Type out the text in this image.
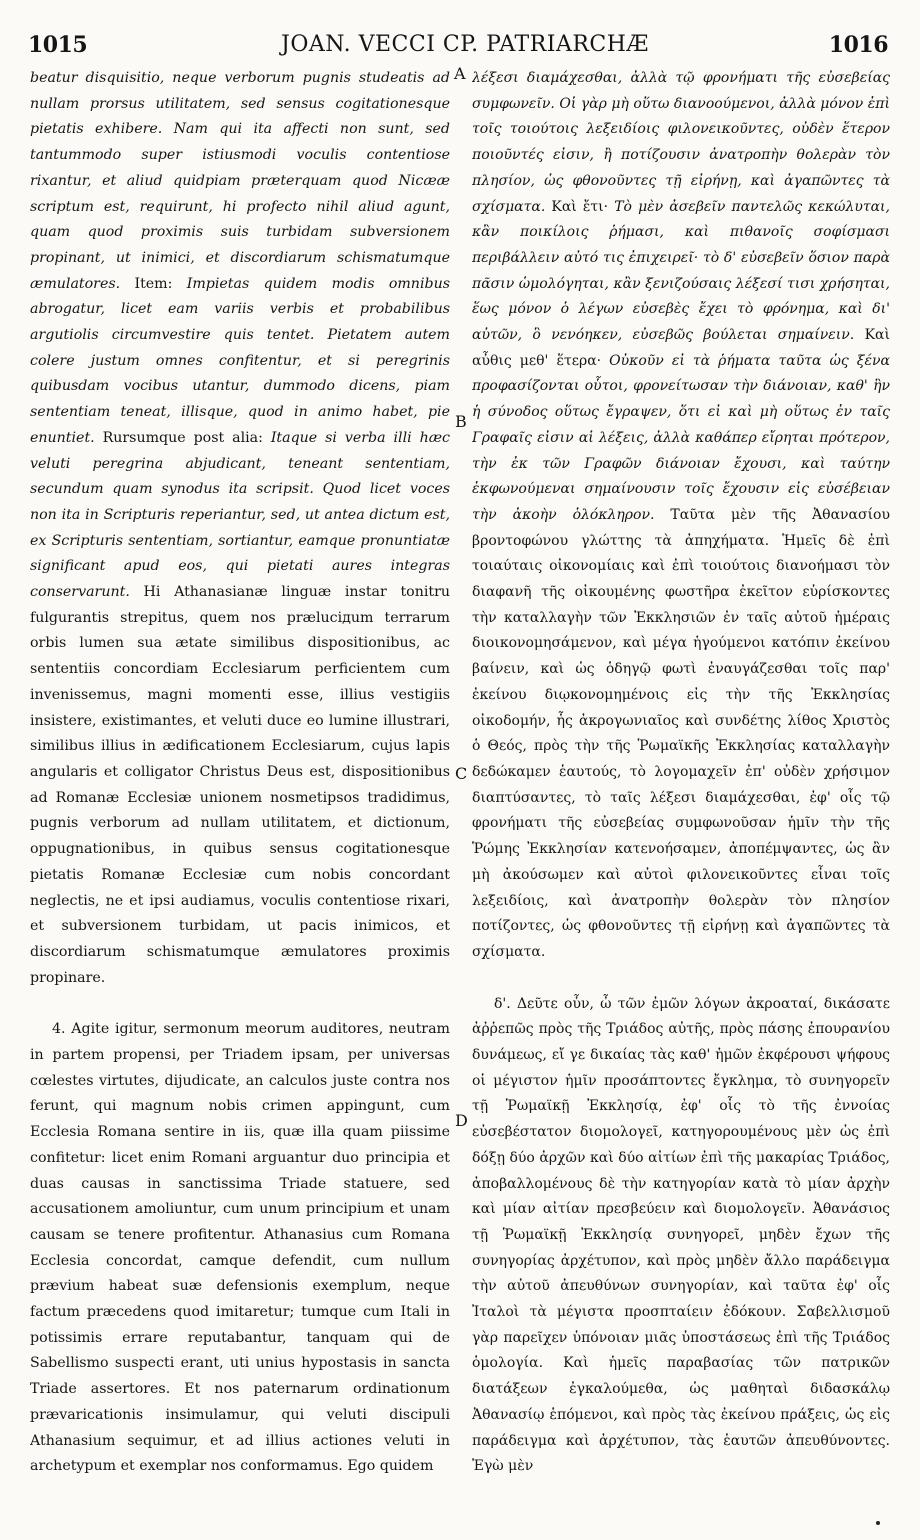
1015	JOAN. VECCI CP. PATRIARCHÆ	1016
A
B
C
D

beatur disquisitio, neque verborum pugnis studeatis ad nullam prorsus utilitatem, sed sensus cogitationesque pietatis exhibere. Nam qui ita affecti non sunt, sed tantummodo super istiusmodi voculis contentiose rixantur, et aliud quidpiam præterquam quod Nicææ scriptum est, requirunt, hi profecto nihil aliud agunt, quam quod proximis suis turbidam subversionem propinant, ut inimici, et discordiarum schismatumque æmulatores. Item: Impietas quidem modis omnibus abrogatur, licet eam variis verbis et probabilibus argutiolis circumvestire quis tentet. Pietatem autem colere justum omnes confitentur, et si peregrinis quibusdam vocibus utantur, dummodo dicens, piam sententiam teneat, illisque, quod in animo habet, pie enuntiet. Rursumque post alia: Itaque si verba illi hæc veluti peregrina abjudicant, teneant sententiam, secundum quam synodus ita scripsit. Quod licet voces non ita in Scripturis reperiantur, sed, ut antea dictum est, ex Scripturis sententiam, sortiantur, eamque pronuntiatæ significant apud eos, qui pietati aures integras conservarunt. Hi Athanasianæ linguæ instar tonitru fulgurantis strepitus, quem nos præluciдum terrarum orbis lumen sua ætate similibus dispositionibus, ac sententiis concordiam Ecclesiarum perficientem cum invenissemus, magni momenti esse, illius vestigiis insistere, existimantes, et veluti duce eo lumine illustrari, similibus illius in ædificationem Ecclesiarum, cujus lapis angularis et colligator Christus Deus est, dispositionibus ad Romanæ Ecclesiæ unionem nosmetipsos tradidimus, pugnis verborum ad nullam utilitatem, et dictionum, oppugnationibus, in quibus sensus cogitationesque pietatis Romanæ Ecclesiæ cum nobis concordant neglectis, ne et ipsi audiamus, voculis contentiose rixari, et subversionem turbidam, ut pacis inimicos, et discordiarum schismatumque æmulatores proximis propinare.

4. Agite igitur, sermonum meorum auditores, neutram in partem propensi, per Triadem ipsam, per universas cœlestes virtutes, dijudicate, an calculos juste contra nos ferunt, qui magnum nobis crimen appingunt, cum Ecclesia Romana sentire in iis, quæ illa quam piissime confitetur: licet enim Romani arguantur duo principia et duas causas in sanctissima Triade statuere, sed accusationem amoliuntur, cum unum principium et unam causam se tenere profitentur. Athanasius cum Romana Ecclesia concordat, camque defendit, cum nullum prævium habeat suæ defensionis exemplum, neque factum præcedens quod imitaretur; tumque cum Itali in potissimis errare reputabantur, tanquam qui de Sabellismo suspecti erant, uti unius hypostasis in sancta Triade assertores. Et nos paternarum ordinationum prævaricationis insimulamur, qui veluti discipuli Athanasium sequimur, et ad illius actiones veluti in archetypum et exemplar nos conformamus. Ego quidem

λέξεσι διαμάχεσθαι, ἀλλὰ τῷ φρονήματι τῆς εὐσεβείας συμφωνεῖν. Οἱ γὰρ μὴ οὕτω διανοούμενοι, ἀλλὰ μόνον ἐπὶ τοῖς τοιούτοις λεξειδίοις φιλονεικοῦντες, οὐδὲν ἕτερον ποιοῦντές εἰσιν, ἢ ποτίζουσιν ἀνατροπὴν θολερὰν τὸν πλησίον, ὡς φθονοῦντες τῇ εἰρήνῃ, καὶ ἀγαπῶντες τὰ σχίσματα. Καὶ ἔτι· Τὸ μὲν ἀσεβεῖν παντελῶς κεκώλυται, κἂν ποικίλοις ῥήμασι, καὶ πιθανοῖς σοφίσμασι περιβάλλειν αὐτό τις ἐπιχειρεῖ· τὸ δ' εὐσεβεῖν ὅσιον παρὰ πᾶσιν ὡμολόγηται, κἂν ξενιζούσαις λέξεσί τισι χρήσηται, ἕως μόνον ὁ λέγων εὐσεβὲς ἔχει τὸ φρόνημα, καὶ δι' αὐτῶν, ὃ νενόηκεν, εὐσεβῶς βούλεται σημαίνειν. Καὶ αὖθις μεθ' ἕτερα· Οὐκοῦν εἰ τὰ ῥήματα ταῦτα ὡς ξένα προφασίζονται οὗτοι, φρονείτωσαν τὴν διάνοιαν, καθ' ἣν ἡ σύνοδος οὕτως ἔγραψεν, ὅτι εἰ καὶ μὴ οὕτως ἐν ταῖς Γραφαῖς εἰσιν αἱ λέξεις, ἀλλὰ καθάπερ εἴρηται πρότερον, τὴν ἐκ τῶν Γραφῶν διάνοιαν ἔχουσι, καὶ ταύτην ἐκφωνούμεναι σημαίνουσιν τοῖς ἔχουσιν εἰς εὐσέβειαν τὴν ἀκοὴν ὁλόκληρον. Ταῦτα μὲν τῆς Ἀθανασίου βροντοφώνου γλώττης τὰ ἀπηχήματα. Ἡμεῖς δὲ ἐπὶ τοιαύταις οἰκονομίαις καὶ ἐπὶ τοιούτοις διανοήμασι τὸν διαφανῆ τῆς οἰκουμένης φωστῆρα ἐκεῖτον εὑρίσκοντες τὴν καταλλαγὴν τῶν Ἐκκλησιῶν ἐν ταῖς αὐτοῦ ἡμέραις διοικονομησάμενον, καὶ μέγα ἡγούμενοι κατόπιν ἐκείνου βαίνειν, καὶ ὡς ὁδηγῷ φωτὶ ἐναυγάζεσθαι τοῖς παρ' ἐκείνου διῳκονομημένοις εἰς τὴν τῆς Ἐκκλησίας οἰκοδομήν, ἧς ἀκρογωνιαῖος καὶ συνδέτης λίθος Χριστὸς ὁ Θεός, πρὸς τὴν τῆς Ῥωμαϊκῆς Ἐκκλησίας καταλλαγὴν δεδώκαμεν ἑαυτούς, τὸ λογομαχεῖν ἐπ' οὐδὲν χρήσιμον διαπτύσαντες, τὸ ταῖς λέξεσι διαμάχεσθαι, ἐφ' οἷς τῷ φρονήματι τῆς εὐσεβείας συμφωνοῦσαν ἡμῖν τὴν τῆς Ῥώμης Ἐκκλησίαν κατενοήσαμεν, ἀποπέμψαντες, ὡς ἂν μὴ ἀκούσωμεν καὶ αὐτοὶ φιλονεικοῦντες εἶναι τοῖς λεξειδίοις, καὶ ἀνατροπὴν θολερὰν τὸν πλησίον ποτίζοντες, ὡς φθονοῦντες τῇ εἰρήνῃ καὶ ἀγαπῶντες τὰ σχίσματα.

δ'. Δεῦτε οὖν, ὦ τῶν ἐμῶν λόγων ἀκροαταί, δικάσατε ἀῤῥεπῶς πρὸς τῆς Τριάδος αὐτῆς, πρὸς πάσης ἐπουρανίου δυνάμεως, εἴ γε δικαίας τὰς καθ' ἡμῶν ἐκφέρουσι ψήφους οἱ μέγιστον ἡμῖν προσάπτοντες ἔγκλημα, τὸ συνηγορεῖν τῇ Ῥωμαϊκῇ Ἐκκλησίᾳ, ἐφ' οἷς τὸ τῆς ἐννοίας εὐσεβέστατον διομολογεῖ, κατηγορουμένους μὲν ὡς ἐπὶ δόξῃ δύο ἀρχῶν καὶ δύο αἰτίων ἐπὶ τῆς μακαρίας Τριάδος, ἀποβαλλομένους δὲ τὴν κατηγορίαν κατὰ τὸ μίαν ἀρχὴν καὶ μίαν αἰτίαν πρεσβεύειν καὶ διομολογεῖν. Ἀθανάσιος τῇ Ῥωμαϊκῇ Ἐκκλησίᾳ συνηγορεῖ, μηδὲν ἔχων τῆς συνηγορίας ἀρχέτυπον, καὶ πρὸς μηδὲν ἄλλο παράδειγμα τὴν αὐτοῦ ἀπευθύνων συνηγορίαν, καὶ ταῦτα ἐφ' οἷς Ἰταλοὶ τὰ μέγιστα προσπταίειν ἐδόκουν. Σαβελλισμοῦ γὰρ παρεῖχεν ὑπόνοιαν μιᾶς ὑποστάσεως ἐπὶ τῆς Τριάδος ὁμολογία. Καὶ ἡμεῖς παραβασίας τῶν πατρικῶν διατάξεων ἐγκαλούμεθα, ὡς μαθηταὶ διδασκάλῳ Ἀθανασίῳ ἑπόμενοι, καὶ πρὸς τὰς ἐκείνου πράξεις, ὡς εἰς παράδειγμα καὶ ἀρχέτυπον, τὰς ἑαυτῶν ἀπευθύνοντες. Ἐγὼ μὲν
